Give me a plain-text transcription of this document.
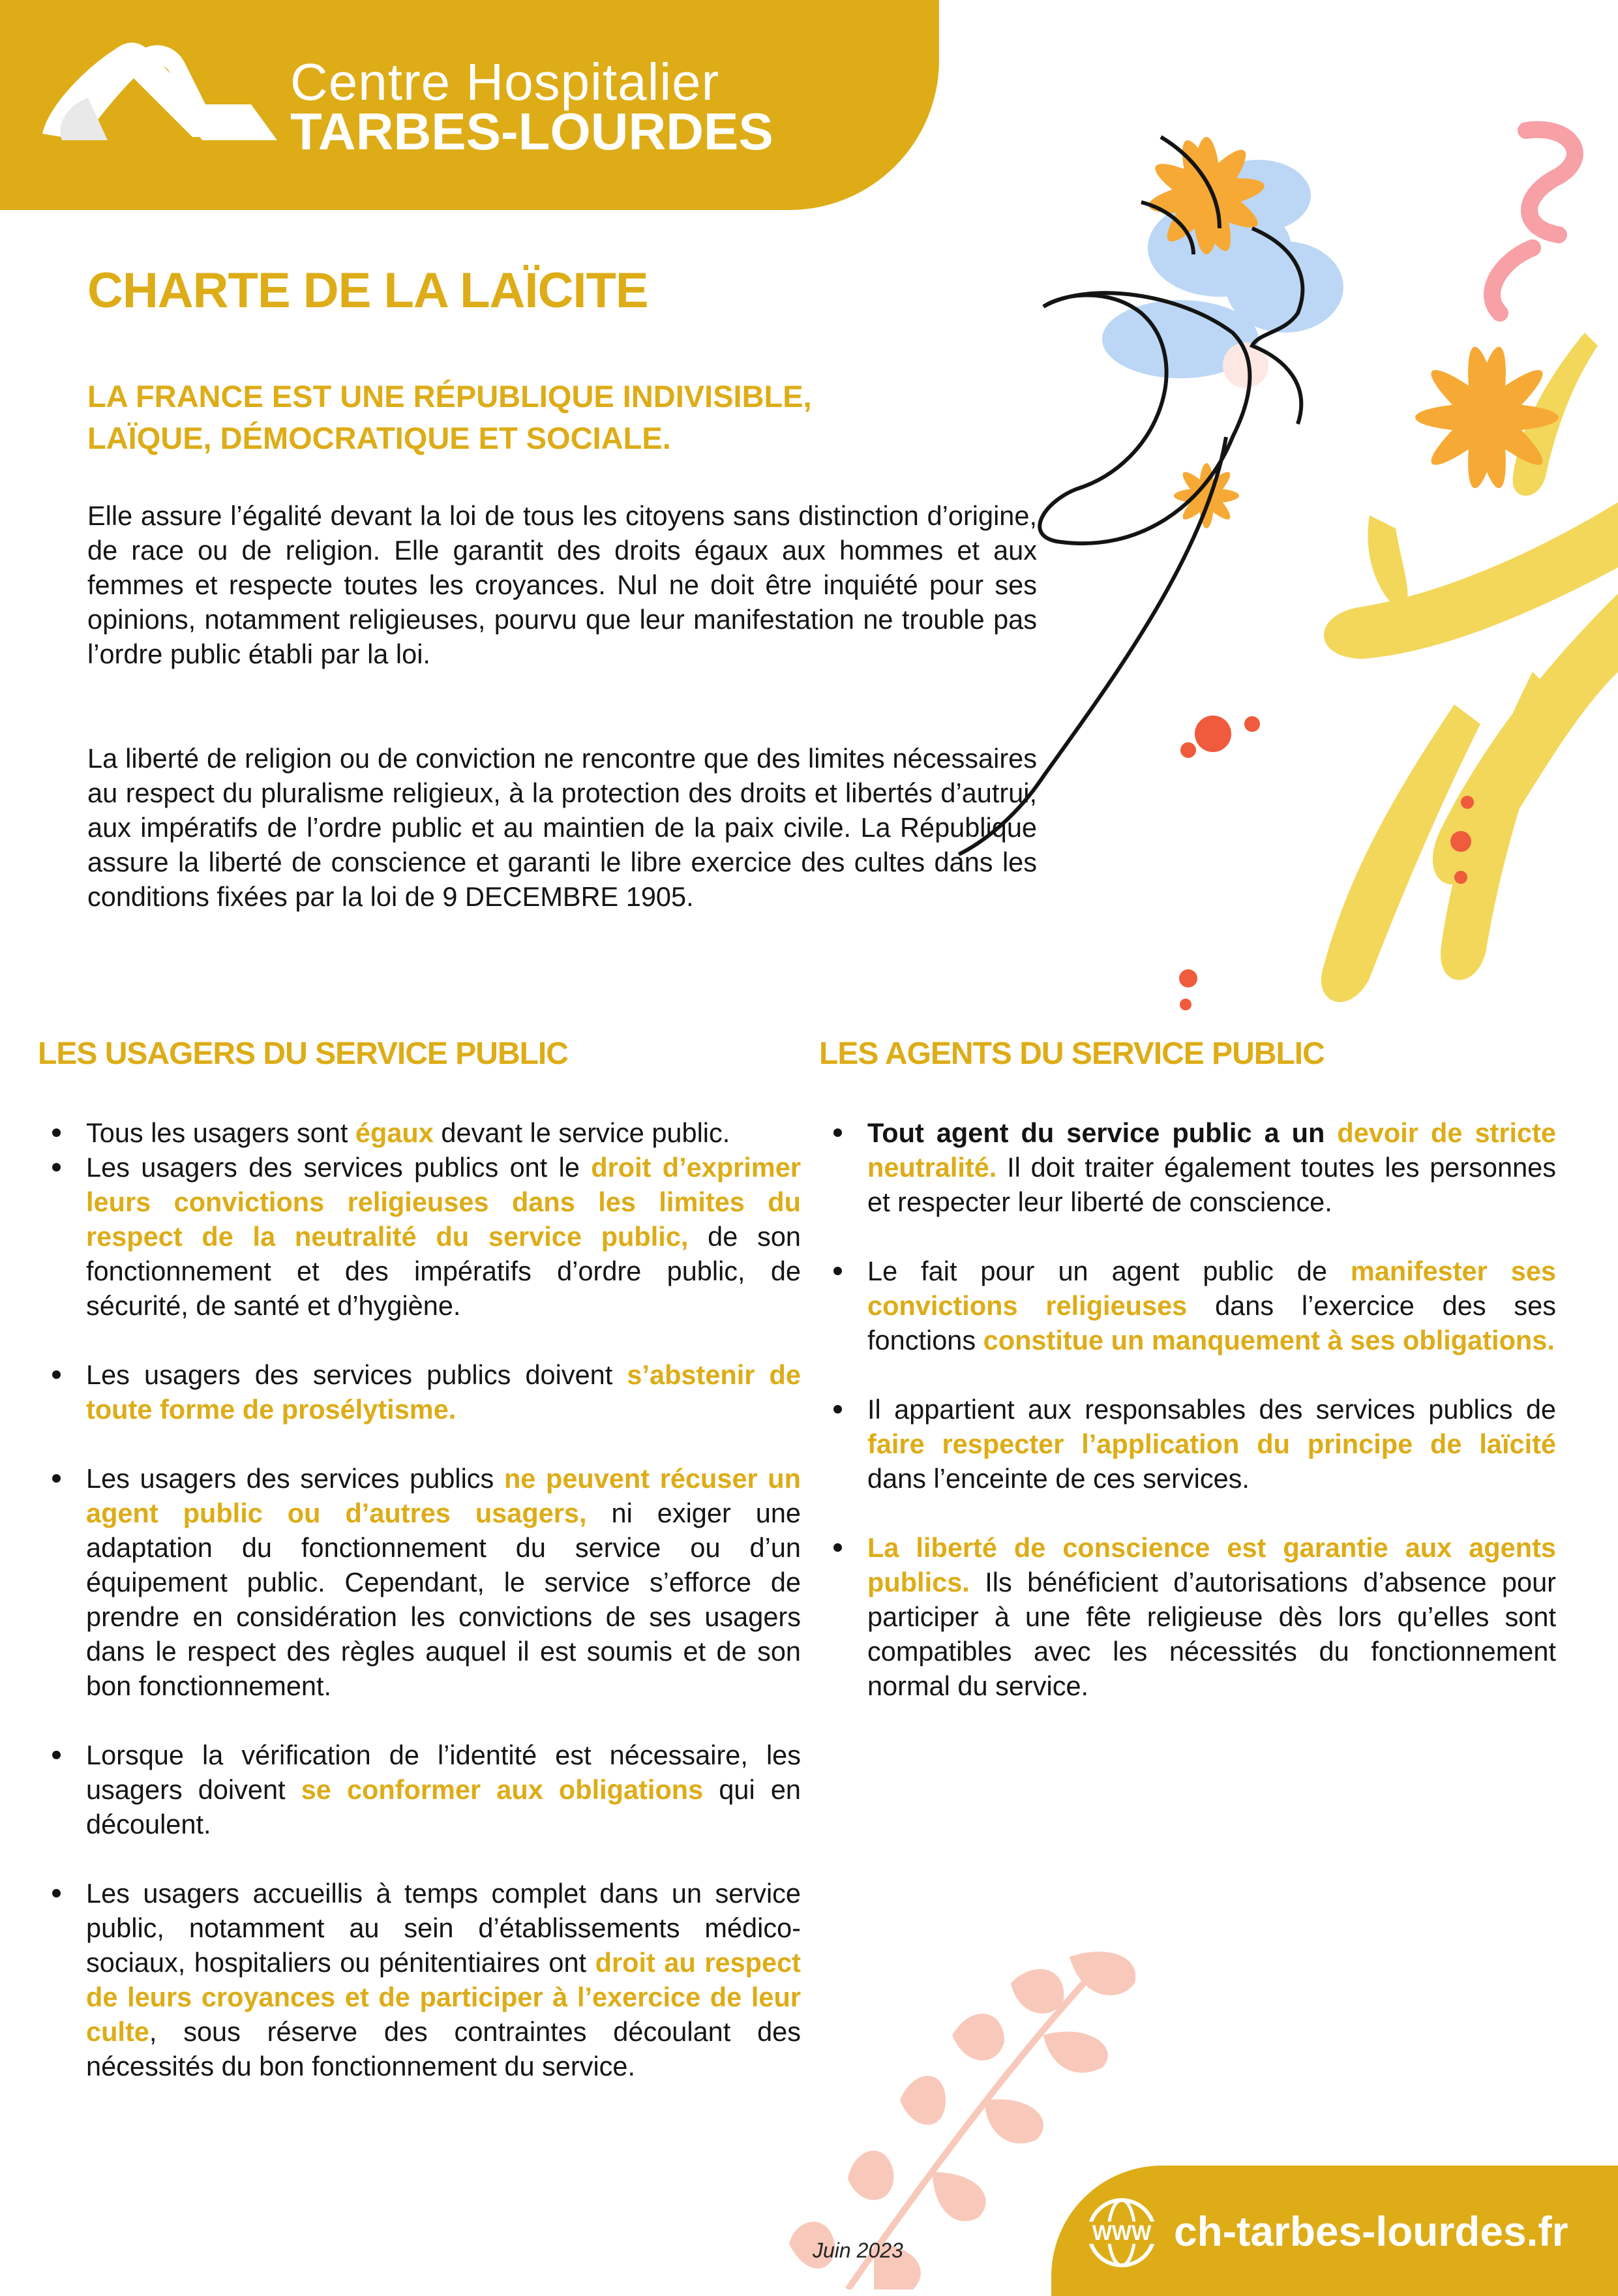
Centre Hospitalier
TARBES-LOURDES
CHARTE DE LA LAÏCITE
LA FRANCE EST UNE RÉPUBLIQUE INDIVISIBLE,
LAÏQUE, DÉMOCRATIQUE ET SOCIALE.
Elle assure l’égalité devant la loi de tous les citoyens sans distinction d’origine, de race ou de religion. Elle garantit des droits égaux aux hommes et aux femmes et respecte toutes les croyances. Nul ne doit être inquiété pour ses opinions, notamment religieuses, pourvu que leur manifestation ne trouble pas l’ordre public établi par la loi.
La liberté de religion ou de conviction ne rencontre que des limites nécessaires au respect du pluralisme religieux, à la protection des droits et libertés d’autrui, aux impératifs de l’ordre public et au maintien de la paix civile. La République assure la liberté de conscience et garanti le libre exercice des cultes dans les conditions fixées par la loi de 9 DECEMBRE 1905.
LES USAGERS DU SERVICE PUBLIC	LES AGENTS DU SERVICE PUBLIC
Tous les usagers sont égaux devant le service public.
Les usagers des services publics ont le droit d’exprimer leurs convictions religieuses dans les limites du respect de la neutralité du service public, de son fonctionnement et des impératifs d’ordre public, de sécurité, de santé et d’hygiène.
Les usagers des services publics doivent s’abstenir de toute forme de prosélytisme.
Les usagers des services publics ne peuvent récuser un agent public ou d’autres usagers, ni exiger une adaptation du fonctionnement du service ou d’un équipement public. Cependant, le service s’efforce de prendre en considération les convictions de ses usagers dans le respect des règles auquel il est soumis et de son bon fonctionnement.
Lorsque la vérification de l’identité est nécessaire, les usagers doivent se conformer aux obligations qui en découlent.
Les usagers accueillis à temps complet dans un service public, notamment au sein d’établissements médico-sociaux, hospitaliers ou pénitentiaires ont droit au respect de leurs croyances et de participer à l’exercice de leur culte, sous réserve des contraintes découlant des nécessités du bon fonctionnement du service.
Tout agent du service public a un devoir de stricte neutralité. Il doit traiter également toutes les personnes et respecter leur liberté de conscience.
Le fait pour un agent public de manifester ses convictions religieuses dans l’exercice des ses fonctions constitue un manquement à ses obligations.
Il appartient aux responsables des services publics de faire respecter l’application du principe de laïcité dans l’enceinte de ces services.
La liberté de conscience est garantie aux agents publics. Ils bénéficient d’autorisations d’absence pour participer à une fête religieuse dès lors qu’elles sont compatibles avec les nécessités du fonctionnement normal du service.
WWW ch-tarbes-lourdes.fr
Juin 2023
